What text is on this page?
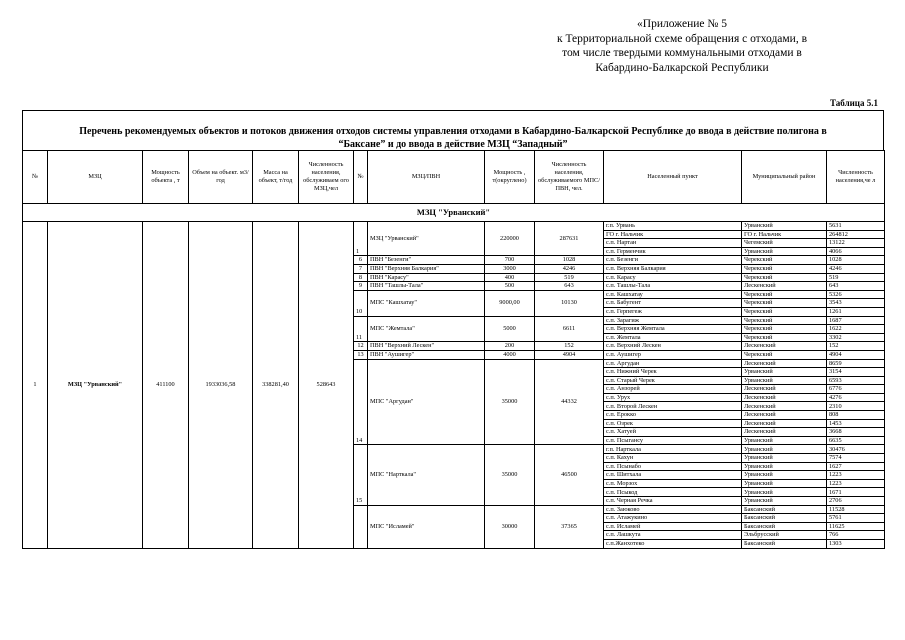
«Приложение № 5
к Территориальной схеме обращения с отходами, в
том числе твердыми коммунальными отходами в
Кабардино-Балкарской Республики
Таблица 5.1
Перечень рекомендуемых объектов и потоков движения отходов системы управления отходами в Кабардино-Балкарской Республике до ввода в действие полигона в
“Баксане” и до ввода в действие МЗЦ “Западный”
№	МЗЦ	Мощность объекта , т	Объем на объект. м3/год	Масса на объект, т/год	Численность населения, обслуживаем ого МЗЦ,чел	№	МЗЦ/ПВН	Мощность , т(округлено)	Численность населения, обслуживаемого МПС/ПВН, чел.	Населенный пункт	Муниципальный район	Численность населения,че л
МЗЦ "Урванский"												
1	МЗЦ "Урванский"	411100	1933036,58	338281,40	528643	1	МЗЦ "Урванский"	220000	287631	г.п. Урвань	Урванский	5631
										ГО г. Нальчик	ГО г. Нальчик	264812
										с.п. Нартан	Чегемский	13122
										с.п. Герменчик	Урванский	4066
						6	ПВН "Безенги"	700	1028	с.п. Безенги	Черекский	1028
						7	ПВН "Верхняя Балкария"	3000	4246	с.п. Верхняя Балкария	Черекский	4246
						8	ПВН "Карасу"	400	519	с.п. Карасу	Черекский	519
						9	ПВН "Ташлы-Тала"	500	643	с.п. Ташлы-Тала	Лескенский	643
						10	МПС "Кашхатау"	9000,00	10130	с.п. Кашхатау	Черекский	5326
										с.п. Бабугент	Черекский	3543
										с.п. Герпегеж	Черекский	1261
						11	МПС "Жемтала"	5000	6611	с.п. Зарагиж	Черекский	1687
										с.п. Верхняя Жемтала	Черекский	1622
										с.п. Жемтала	Черекский	3302
						12	ПВН "Верхний Лескен"	200	152	с.п. Верхний Лескен	Лескенский	152
						13	ПВН "Аушигер"	4000	4904	с.п. Аушигер	Черекский	4904
						14	МПС "Аргудан"	35000	44332	с.п. Аргудан	Лескенский	8659
										с.п. Нижний Черек	Урванский	3154
										с.п. Старый Черек	Урванский	6593
										с.п. Анзорей	Лескенский	6776
										с.п. Урух	Лескенский	4276
										с.п. Второй Лескен	Лескенский	2310
										с.п. Ерокко	Лескенский	808
										с.п. Озрек	Лескенский	1453
										с.п. Хатуей	Лескенский	3668
										с.п. Псыгансу	Урванский	6635
						15	МПС "Нарткала"	35000	46500	г.п. Нарткала	Урванский	30476
										с.п. Кахун	Урванский	7574
										с.п. Псынабо	Урванский	1627
										с.п. Шитхала	Урванский	1223
										с.п. Морзох	Урванский	1223
										с.п. Псыкод	Урванский	1671
										с.п. Черная Речка	Урванский	2706
							МПС "Исламей"	30000	37365	с.п. Заюково	Баксанский	11528
										с.п. Атажукино	Баксанский	5761
										с.п. Исламей	Баксанский	11625
										с.п. Лашкута	Эльбрусский	766
										с.п.Жанхотеко	Баксанский	1303
